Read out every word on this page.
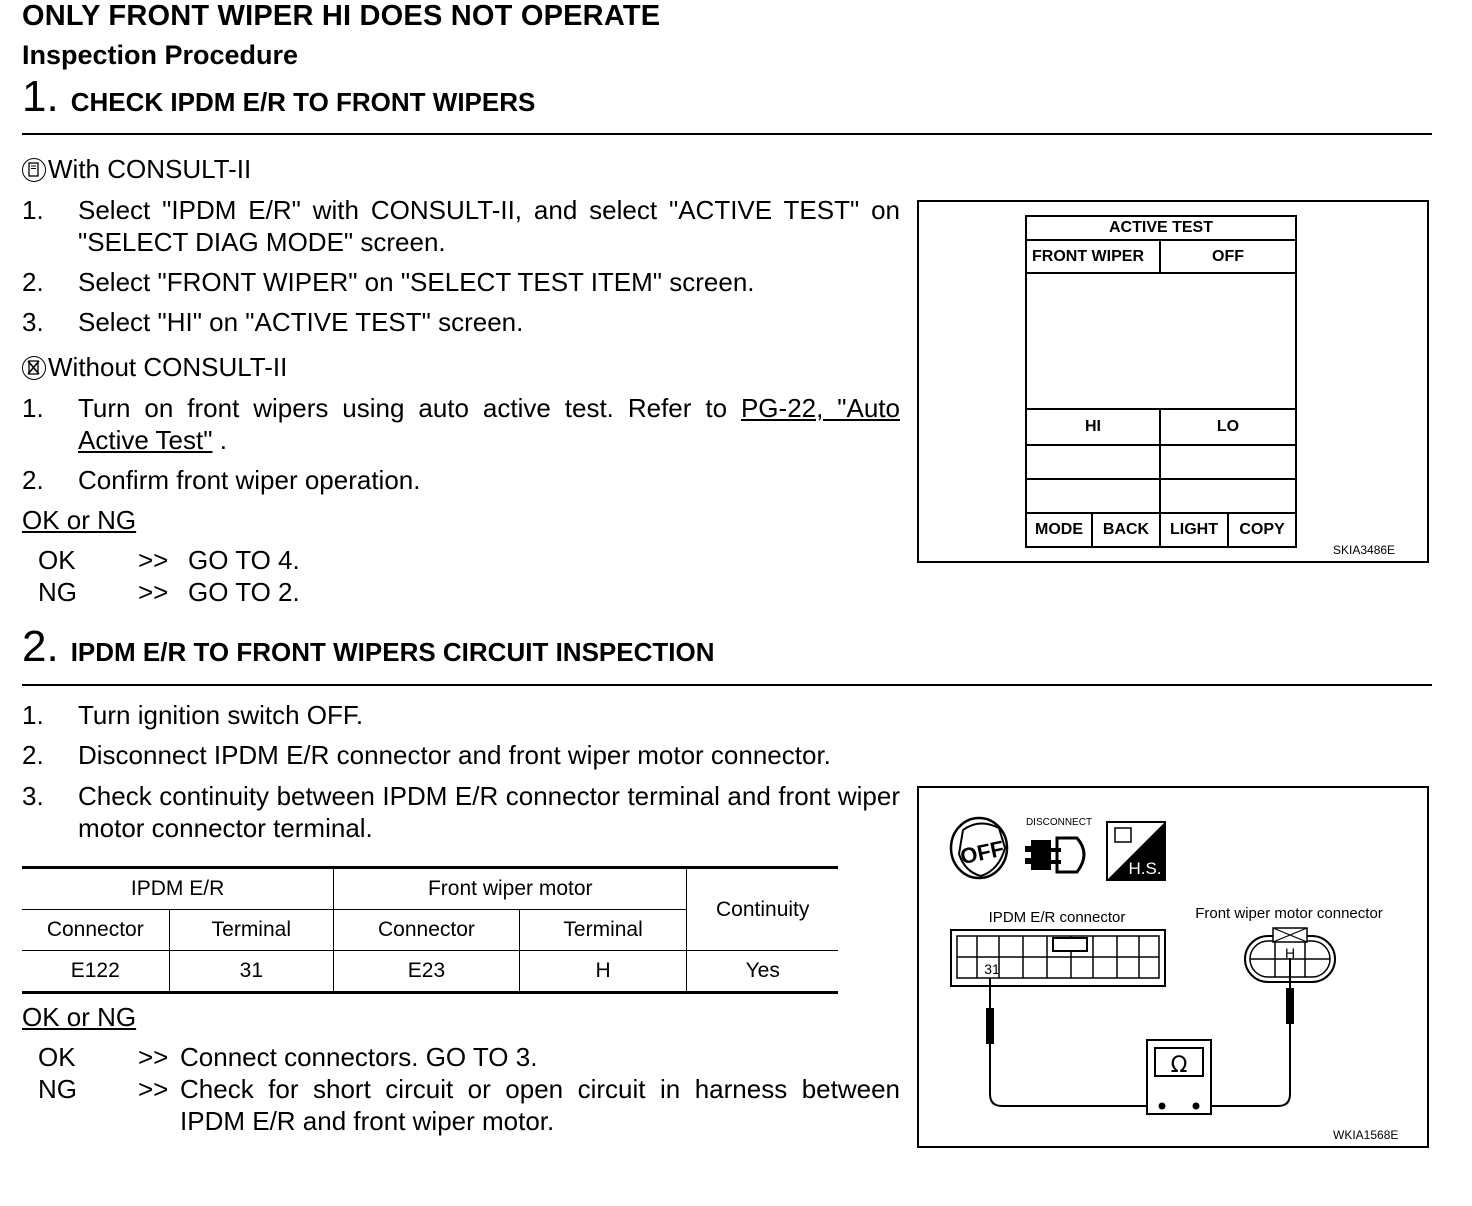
ONLY FRONT WIPER HI DOES NOT OPERATE
Inspection Procedure
1. CHECK IPDM E/R TO FRONT WIPERS
With CONSULT-II
1. Select "IPDM E/R" with CONSULT-II, and select "ACTIVE TEST" on "SELECT DIAG MODE" screen.
2. Select "FRONT WIPER" on "SELECT TEST ITEM" screen.
3. Select "HI" on "ACTIVE TEST" screen.
Without CONSULT-II
1. Turn on front wipers using auto active test. Refer to PG-22, "Auto Active Test" .
2. Confirm front wiper operation.
OK or NG
OK >> GO TO 4.
NG >> GO TO 2.
ACTIVE TEST			
FRONT WIPER		OFF	

HI		LO	

MODE	BACK	LIGHT	COPY
SKIA3486E
2. IPDM E/R TO FRONT WIPERS CIRCUIT INSPECTION
1. Turn ignition switch OFF.
2. Disconnect IPDM E/R connector and front wiper motor connector.
3. Check continuity between IPDM E/R connector terminal and front wiper motor connector terminal.
IPDM E/R		Front wiper motor		Continuity
Connector	Terminal	Connector	Terminal	
E122	31	E23	H	Yes
OK or NG
OK >> Connect connectors. GO TO 3.
NG >> Check for short circuit or open circuit in harness between IPDM E/R and front wiper motor.
OFF
DISCONNECT
H.S.
IPDM E/R connector	Front wiper motor connector
31
H
Ω
WKIA1568E
